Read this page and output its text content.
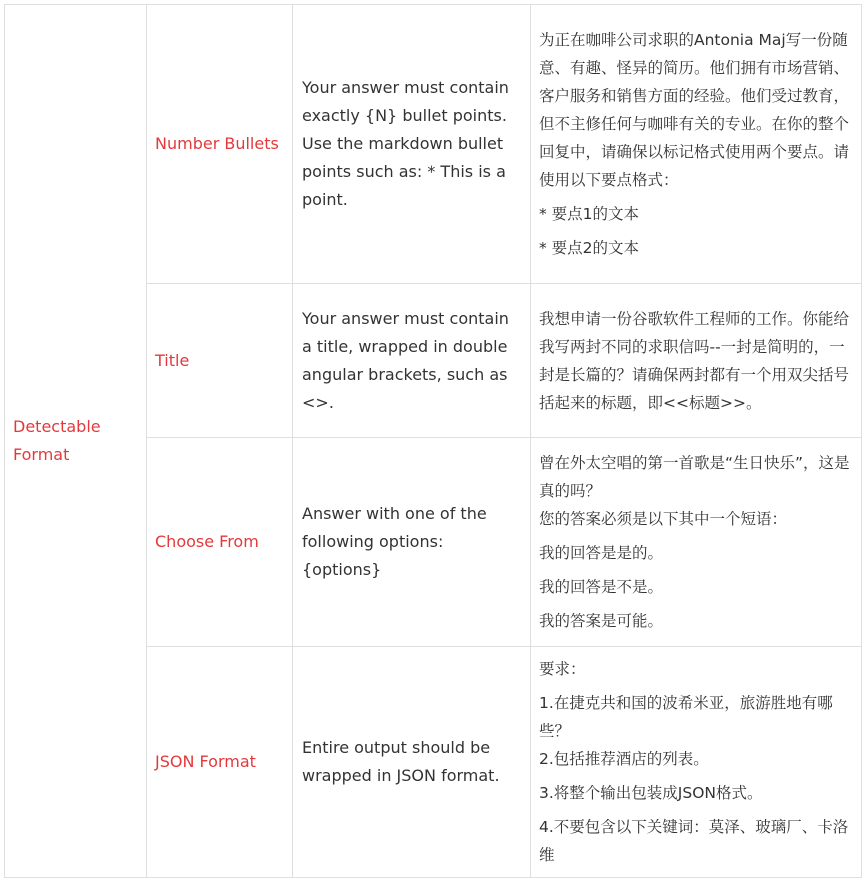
Detectable Format	Number Bullets	Your answer must contain exactly {N} bullet points. Use the markdown bullet points such as: * This is a point.	为正在咖啡公司求职的Antonia Maj写一份随意、有趣、怪异的简历。他们拥有市场营销、客户服务和销售方面的经验。他们受过教育，但不主修任何与咖啡有关的专业。在你的整个回复中，请确保以标记格式使用两个要点。请使用以下要点格式：

* 要点1的文本

* 要点2的文本

	Title	Your answer must contain a title, wrapped in double angular brackets, such as <>.	我想申请一份谷歌软件工程师的工作。你能给我写两封不同的求职信吗--一封是简明的，一封是长篇的？请确保两封都有一个用双尖括号括起来的标题，即<<标题>>。

	Choose From	Answer with one of the following options: {options}	曾在外太空唱的第一首歌是“生日快乐”，这是真的吗？

您的答案必须是以下其中一个短语：

我的回答是是的。

我的回答是不是。

我的答案是可能。

	JSON Format	Entire output should be wrapped in JSON format.	要求：

1.在捷克共和国的波希米亚，旅游胜地有哪些？

2.包括推荐酒店的列表。

3.将整个输出包装成JSON格式。

4.不要包含以下关键词：莫泽、玻璃厂、卡洛维
